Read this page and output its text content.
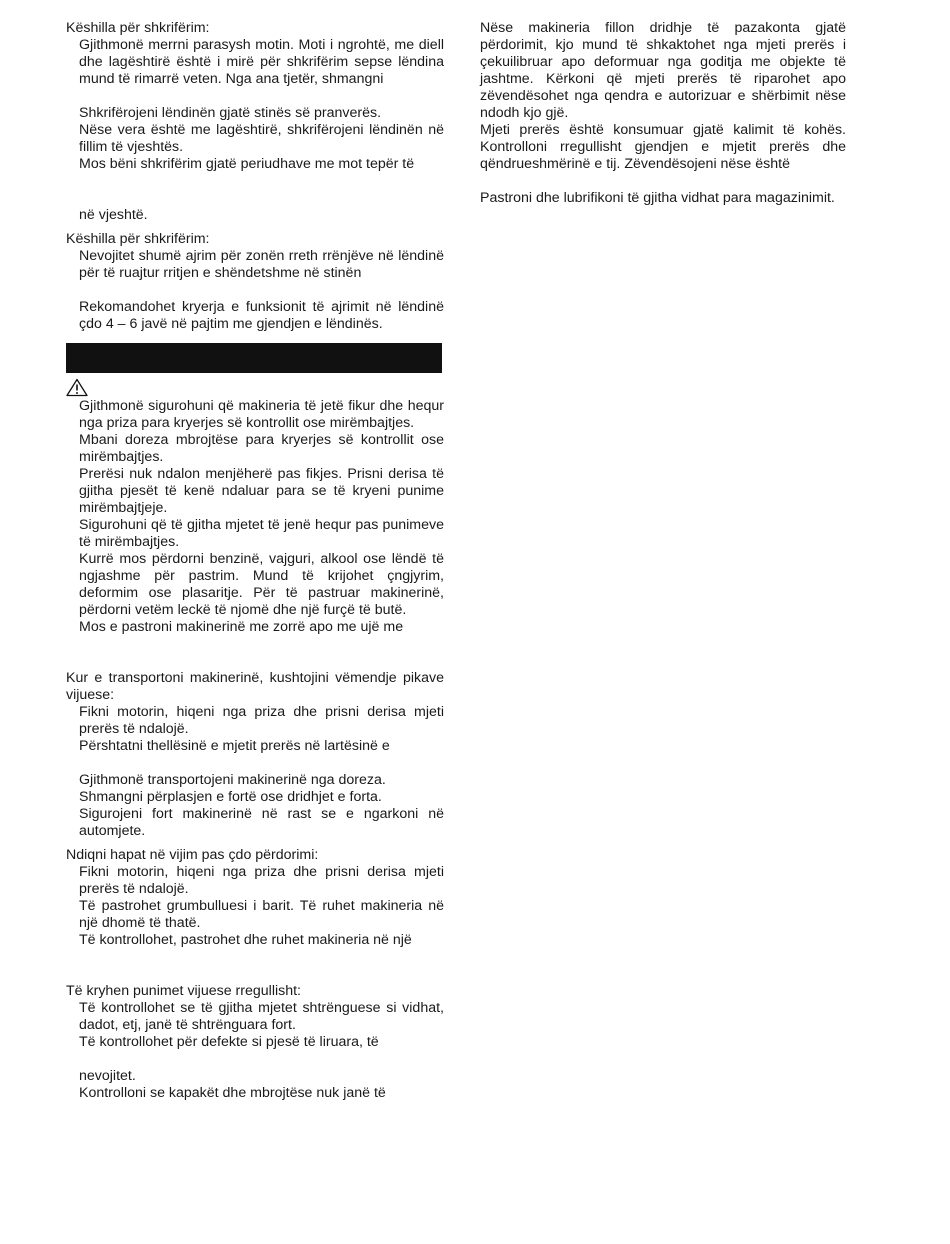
Këshilla për shkrifërim:

Gjithmonë merrni parasysh motin. Moti i ngrohtë, me diell dhe lagështirë është i mirë për shkrifërim sepse lëndina mund të rimarrë veten. Nga ana tjetër, shmangni

Shkrifërojeni lëndinën gjatë stinës së pranverës.

Nëse vera është me lagështirë, shkrifërojeni lëndinën në fillim të vjeshtës.

Mos bëni shkrifërim gjatë periudhave me mot tepër të

në vjeshtë.

Këshilla për shkrifërim:

Nevojitet shumë ajrim për zonën rreth rrënjëve në lëndinë për të ruajtur rritjen e shëndetshme në stinën

Rekomandohet kryerja e funksionit të ajrimit në lëndinë çdo 4 – 6 javë në pajtim me gjendjen e lëndinës.

Gjithmonë sigurohuni që makineria të jetë fikur dhe hequr nga priza para kryerjes së kontrollit ose mirëmbajtjes.

Mbani doreza mbrojtëse para kryerjes së kontrollit ose mirëmbajtjes.

Prerësi nuk ndalon menjëherë pas fikjes. Prisni derisa të gjitha pjesët të kenë ndaluar para se të kryeni punime mirëmbajtjeje.

Sigurohuni që të gjitha mjetet të jenë hequr pas punimeve të mirëmbajtjes.

Kurrë mos përdorni benzinë, vajguri, alkool ose lëndë të ngjashme për pastrim. Mund të krijohet çngjyrim, deformim ose plasaritje. Për të pastruar makinerinë, përdorni vetëm leckë të njomë dhe një furçë të butë.

Mos e pastroni makinerinë me zorrë apo me ujë me

Kur e transportoni makinerinë, kushtojini vëmendje pikave vijuese:

Fikni motorin, hiqeni nga priza dhe prisni derisa mjeti prerës të ndalojë.

Përshtatni thellësinë e mjetit prerës në lartësinë e

Gjithmonë transportojeni makinerinë nga doreza.

Shmangni përplasjen e fortë ose dridhjet e forta.

Sigurojeni fort makinerinë në rast se e ngarkoni në automjete.

Ndiqni hapat në vijim pas çdo përdorimi:

Fikni motorin, hiqeni nga priza dhe prisni derisa mjeti prerës të ndalojë.

Të pastrohet grumbulluesi i barit. Të ruhet makineria në një dhomë të thatë.

Të kontrollohet, pastrohet dhe ruhet makineria në një

Të kryhen punimet vijuese rregullisht:

Të kontrollohet se të gjitha mjetet shtrënguese si vidhat, dadot, etj, janë të shtrënguara fort.

Të kontrollohet për defekte si pjesë të liruara, të

nevojitet.

Kontrolloni se kapakët dhe mbrojtëse nuk janë të

Nëse makineria fillon dridhje të pazakonta gjatë përdorimit, kjo mund të shkaktohet nga mjeti prerës i çekuilibruar apo deformuar nga goditja me objekte të jashtme. Kërkoni që mjeti prerës të riparohet apo zëvendësohet nga qendra e autorizuar e shërbimit nëse ndodh kjo gjë.

Mjeti prerës është konsumuar gjatë kalimit të kohës. Kontrolloni rregullisht gjendjen e mjetit prerës dhe qëndrueshmërinë e tij. Zëvendësojeni nëse është

Pastroni dhe lubrifikoni të gjitha vidhat para magazinimit.
